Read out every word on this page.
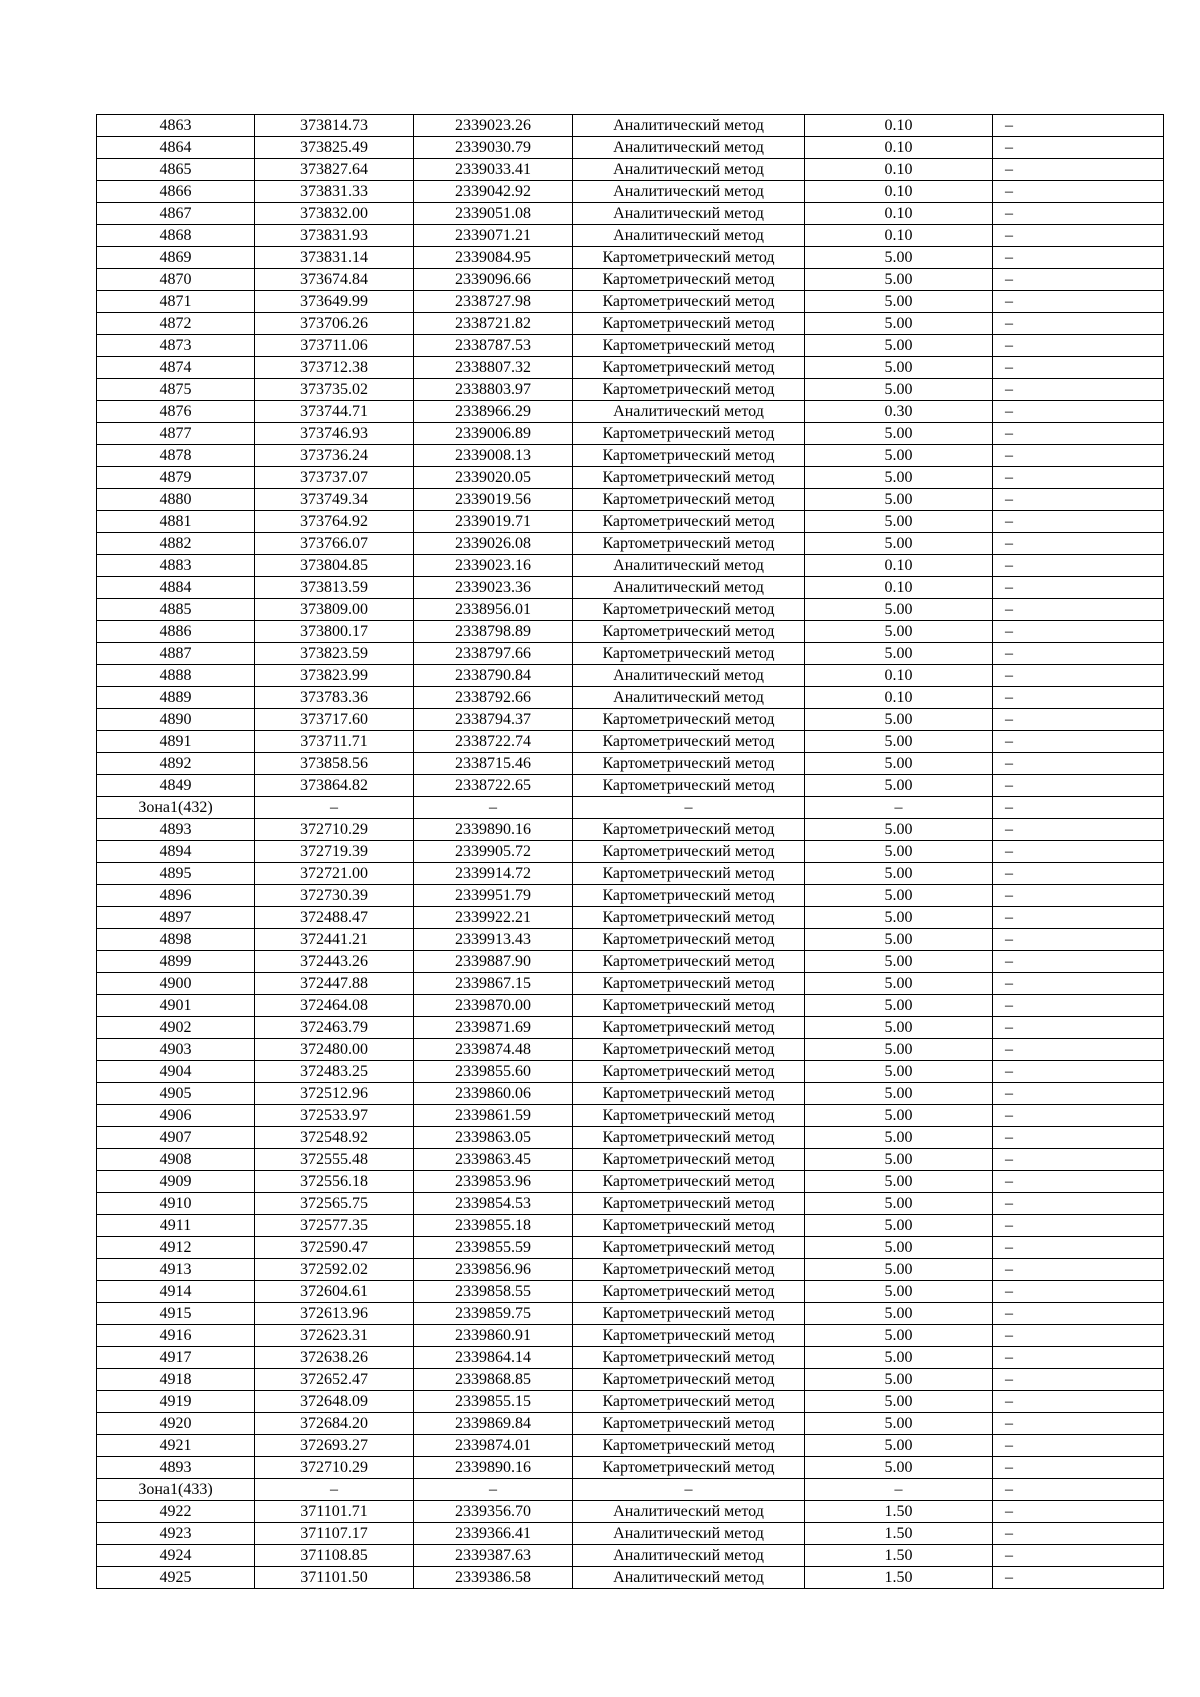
4863	373814.73	2339023.26	Аналитический метод	0.10	–
4864	373825.49	2339030.79	Аналитический метод	0.10	–
4865	373827.64	2339033.41	Аналитический метод	0.10	–
4866	373831.33	2339042.92	Аналитический метод	0.10	–
4867	373832.00	2339051.08	Аналитический метод	0.10	–
4868	373831.93	2339071.21	Аналитический метод	0.10	–
4869	373831.14	2339084.95	Картометрический метод	5.00	–
4870	373674.84	2339096.66	Картометрический метод	5.00	–
4871	373649.99	2338727.98	Картометрический метод	5.00	–
4872	373706.26	2338721.82	Картометрический метод	5.00	–
4873	373711.06	2338787.53	Картометрический метод	5.00	–
4874	373712.38	2338807.32	Картометрический метод	5.00	–
4875	373735.02	2338803.97	Картометрический метод	5.00	–
4876	373744.71	2338966.29	Аналитический метод	0.30	–
4877	373746.93	2339006.89	Картометрический метод	5.00	–
4878	373736.24	2339008.13	Картометрический метод	5.00	–
4879	373737.07	2339020.05	Картометрический метод	5.00	–
4880	373749.34	2339019.56	Картометрический метод	5.00	–
4881	373764.92	2339019.71	Картометрический метод	5.00	–
4882	373766.07	2339026.08	Картометрический метод	5.00	–
4883	373804.85	2339023.16	Аналитический метод	0.10	–
4884	373813.59	2339023.36	Аналитический метод	0.10	–
4885	373809.00	2338956.01	Картометрический метод	5.00	–
4886	373800.17	2338798.89	Картометрический метод	5.00	–
4887	373823.59	2338797.66	Картометрический метод	5.00	–
4888	373823.99	2338790.84	Аналитический метод	0.10	–
4889	373783.36	2338792.66	Аналитический метод	0.10	–
4890	373717.60	2338794.37	Картометрический метод	5.00	–
4891	373711.71	2338722.74	Картометрический метод	5.00	–
4892	373858.56	2338715.46	Картометрический метод	5.00	–
4849	373864.82	2338722.65	Картометрический метод	5.00	–
Зона1(432)	–	–	–	–	–
4893	372710.29	2339890.16	Картометрический метод	5.00	–
4894	372719.39	2339905.72	Картометрический метод	5.00	–
4895	372721.00	2339914.72	Картометрический метод	5.00	–
4896	372730.39	2339951.79	Картометрический метод	5.00	–
4897	372488.47	2339922.21	Картометрический метод	5.00	–
4898	372441.21	2339913.43	Картометрический метод	5.00	–
4899	372443.26	2339887.90	Картометрический метод	5.00	–
4900	372447.88	2339867.15	Картометрический метод	5.00	–
4901	372464.08	2339870.00	Картометрический метод	5.00	–
4902	372463.79	2339871.69	Картометрический метод	5.00	–
4903	372480.00	2339874.48	Картометрический метод	5.00	–
4904	372483.25	2339855.60	Картометрический метод	5.00	–
4905	372512.96	2339860.06	Картометрический метод	5.00	–
4906	372533.97	2339861.59	Картометрический метод	5.00	–
4907	372548.92	2339863.05	Картометрический метод	5.00	–
4908	372555.48	2339863.45	Картометрический метод	5.00	–
4909	372556.18	2339853.96	Картометрический метод	5.00	–
4910	372565.75	2339854.53	Картометрический метод	5.00	–
4911	372577.35	2339855.18	Картометрический метод	5.00	–
4912	372590.47	2339855.59	Картометрический метод	5.00	–
4913	372592.02	2339856.96	Картометрический метод	5.00	–
4914	372604.61	2339858.55	Картометрический метод	5.00	–
4915	372613.96	2339859.75	Картометрический метод	5.00	–
4916	372623.31	2339860.91	Картометрический метод	5.00	–
4917	372638.26	2339864.14	Картометрический метод	5.00	–
4918	372652.47	2339868.85	Картометрический метод	5.00	–
4919	372648.09	2339855.15	Картометрический метод	5.00	–
4920	372684.20	2339869.84	Картометрический метод	5.00	–
4921	372693.27	2339874.01	Картометрический метод	5.00	–
4893	372710.29	2339890.16	Картометрический метод	5.00	–
Зона1(433)	–	–	–	–	–
4922	371101.71	2339356.70	Аналитический метод	1.50	–
4923	371107.17	2339366.41	Аналитический метод	1.50	–
4924	371108.85	2339387.63	Аналитический метод	1.50	–
4925	371101.50	2339386.58	Аналитический метод	1.50	–
